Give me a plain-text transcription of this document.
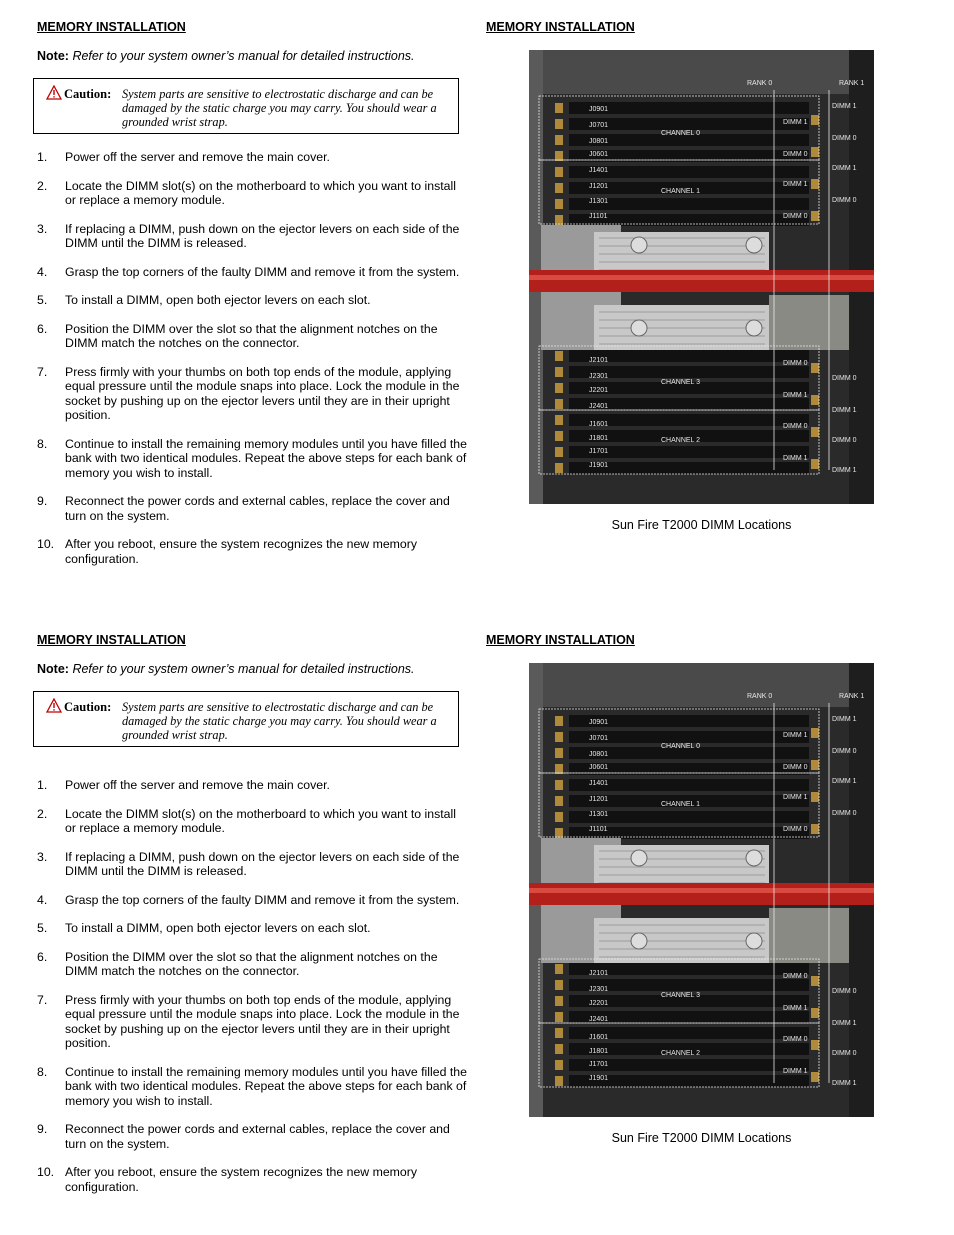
MEMORY INSTALLATION	MEMORY INSTALLATION
Note: Refer to your system owner’s manual for detailed instructions.
Caution: System parts are sensitive to electrostatic discharge and can be damaged by the static charge you may carry. You should wear a grounded wrist strap.
1. Power off the server and remove the main cover.
2. Locate the DIMM slot(s) on the motherboard to which you want to install or replace a memory module.
3. If replacing a DIMM, push down on the ejector levers on each side of the DIMM until the DIMM is released.
4. Grasp the top corners of the faulty DIMM and remove it from the system.
5. To install a DIMM, open both ejector levers on each slot.
6. Position the DIMM over the slot so that the alignment notches on the DIMM match the notches on the connector.
7. Press firmly with your thumbs on both top ends of the module, applying equal pressure until the module snaps into place. Lock the module in the socket by pushing up on the ejector levers until they are in their upright position.
8. Continue to install the remaining memory modules until you have filled the bank with two identical modules. Repeat the above steps for each bank of memory you wish to install.
9. Reconnect the power cords and external cables, replace the cover and turn on the system.
10. After you reboot, ensure the system recognizes the new memory configuration.
RANK 0	RANK 1
CHANNEL 0
CHANNEL 1
CHANNEL 3
CHANNEL 2
J0901
J0701
J0801
J0601
J1401
J1201
J1301
J1101
J2101
J2301
J2201
J2401
J1601
J1801
J1701
J1901
DIMM 1
DIMM 0
DIMM 1
DIMM 0
DIMM 0
DIMM 1
DIMM 0
DIMM 1
DIMM 1
DIMM 0
DIMM 1
DIMM 0
DIMM 0
DIMM 1
DIMM 0
DIMM 1
Sun Fire T2000 DIMM Locations
MEMORY INSTALLATION	MEMORY INSTALLATION
Note: Refer to your system owner’s manual for detailed instructions.
Caution: System parts are sensitive to electrostatic discharge and can be damaged by the static charge you may carry. You should wear a grounded wrist strap.
1. Power off the server and remove the main cover.
2. Locate the DIMM slot(s) on the motherboard to which you want to install or replace a memory module.
3. If replacing a DIMM, push down on the ejector levers on each side of the DIMM until the DIMM is released.
4. Grasp the top corners of the faulty DIMM and remove it from the system.
5. To install a DIMM, open both ejector levers on each slot.
6. Position the DIMM over the slot so that the alignment notches on the DIMM match the notches on the connector.
7. Press firmly with your thumbs on both top ends of the module, applying equal pressure until the module snaps into place. Lock the module in the socket by pushing up on the ejector levers until they are in their upright position.
8. Continue to install the remaining memory modules until you have filled the bank with two identical modules. Repeat the above steps for each bank of memory you wish to install.
9. Reconnect the power cords and external cables, replace the cover and turn on the system.
10. After you reboot, ensure the system recognizes the new memory configuration.
RANK 0	RANK 1
CHANNEL 0
CHANNEL 1
CHANNEL 3
CHANNEL 2
J0901
J0701
J0801
J0601
J1401
J1201
J1301
J1101
J2101
J2301
J2201
J2401
J1601
J1801
J1701
J1901
DIMM 1
DIMM 0
DIMM 1
DIMM 0
DIMM 0
DIMM 1
DIMM 0
DIMM 1
DIMM 1
DIMM 0
DIMM 1
DIMM 0
DIMM 0
DIMM 1
DIMM 0
DIMM 1
Sun Fire T2000 DIMM Locations
